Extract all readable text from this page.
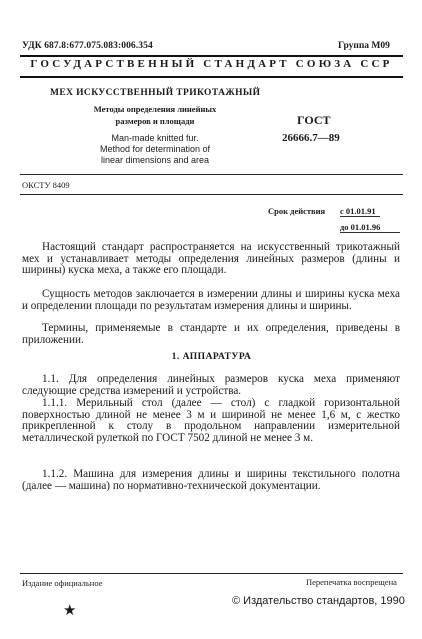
УДК 687.8:677.075.083:006.354	Группа М09
ГОСУДАРСТВЕННЫЙ СТАНДАРТ СОЮЗА ССР
МЕХ ИСКУССТВЕННЫЙ ТРИКОТАЖНЫЙ
Методы определения линейных
размеров и площади
Man-made knitted fur.
Method for determination of
linear dimensions and area
ГОСТ
26666.7—89
ОКСТУ 8409
Срок действия	с 01.01.91
до 01.01.96

Настоящий стандарт распространяется на искусственный трикотажный мех и устанавливает методы определения линейных размеров (длины и ширины) куска меха, а также его площади.

Сущность методов заключается в измерении длины и ширины куска меха и определении площади по результатам измерения длины и ширины.

Термины, применяемые в стандарте и их определения, приведены в приложении.

1. АППАРАТУРА

1.1. Для определения линейных размеров куска меха применяют следующие средства измерений и устройства.

1.1.1. Мерильный стол (далее — стол) с гладкой горизонтальной поверхностью длиной не менее 3 м и шириной не менее 1,6 м, с жестко прикрепленной к столу в продольном направлении измерительной металлической рулеткой по ГОСТ 7502 длиной не менее 3 м.

1.1.2. Машина для измерения длины и ширины текстильного полотна (далее — машина) по нормативно-технической документации.

Издание официальное	Перепечатка воспрещена
© Издательство стандартов, 1990
★
